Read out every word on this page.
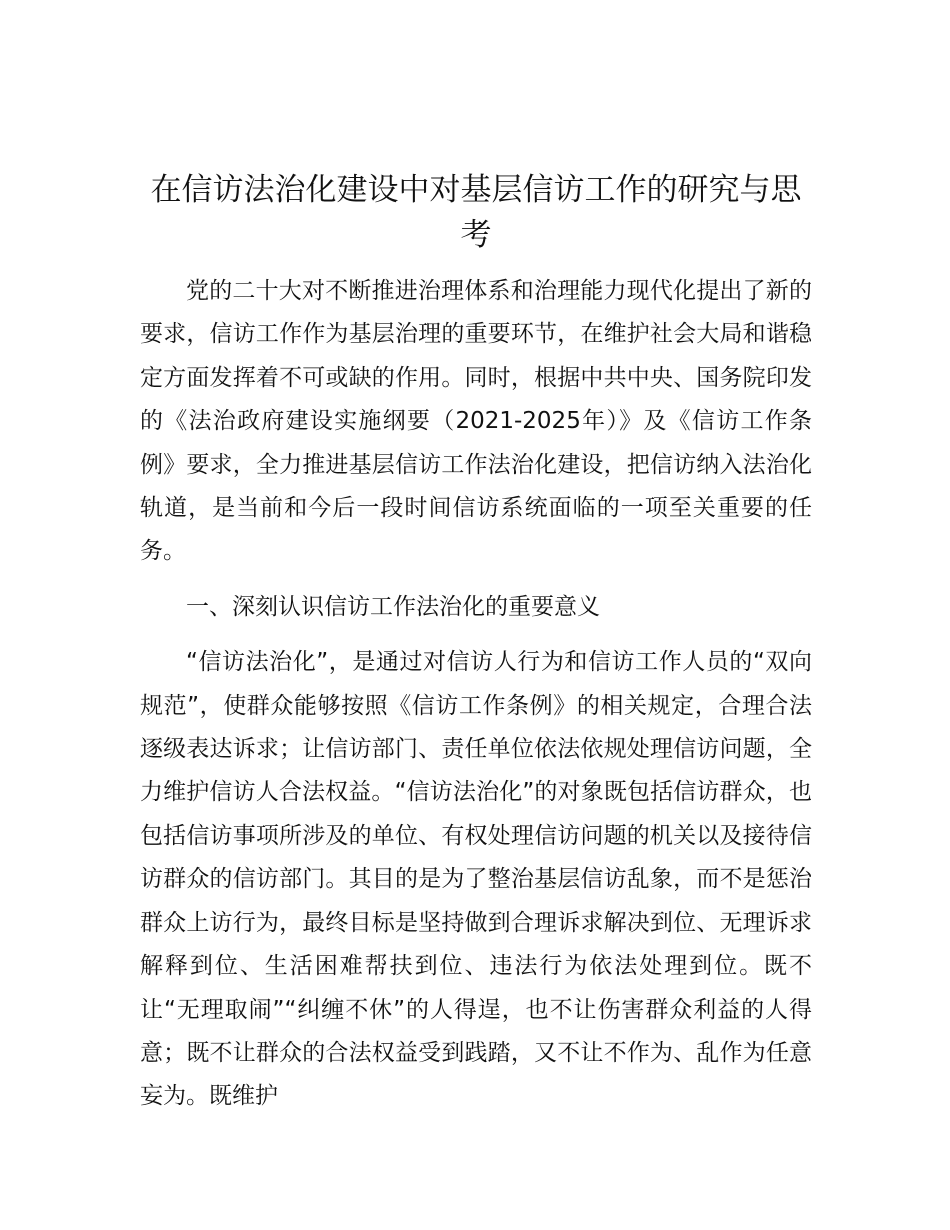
在信访法治化建设中对基层信访工作的研究与思考

党的二十大对不断推进治理体系和治理能力现代化提出了新的要求，信访工作作为基层治理的重要环节，在维护社会大局和谐稳定方面发挥着不可或缺的作用。同时，根据中共中央、国务院印发的《法治政府建设实施纲要（2021-2025年）》及《信访工作条例》要求，全力推进基层信访工作法治化建设，把信访纳入法治化轨道，是当前和今后一段时间信访系统面临的一项至关重要的任务。

一、深刻认识信访工作法治化的重要意义

“信访法治化”，是通过对信访人行为和信访工作人员的“双向规范”，使群众能够按照《信访工作条例》的相关规定，合理合法逐级表达诉求；让信访部门、责任单位依法依规处理信访问题，全力维护信访人合法权益。“信访法治化”的对象既包括信访群众，也包括信访事项所涉及的单位、有权处理信访问题的机关以及接待信访群众的信访部门。其目的是为了整治基层信访乱象，而不是惩治群众上访行为，最终目标是坚持做到合理诉求解决到位、无理诉求解释到位、生活困难帮扶到位、违法行为依法处理到位。既不让“无理取闹”“纠缠不休”的人得逞，也不让伤害群众利益的人得意；既不让群众的合法权益受到践踏，又不让不作为、乱作为任意妄为。既维护
